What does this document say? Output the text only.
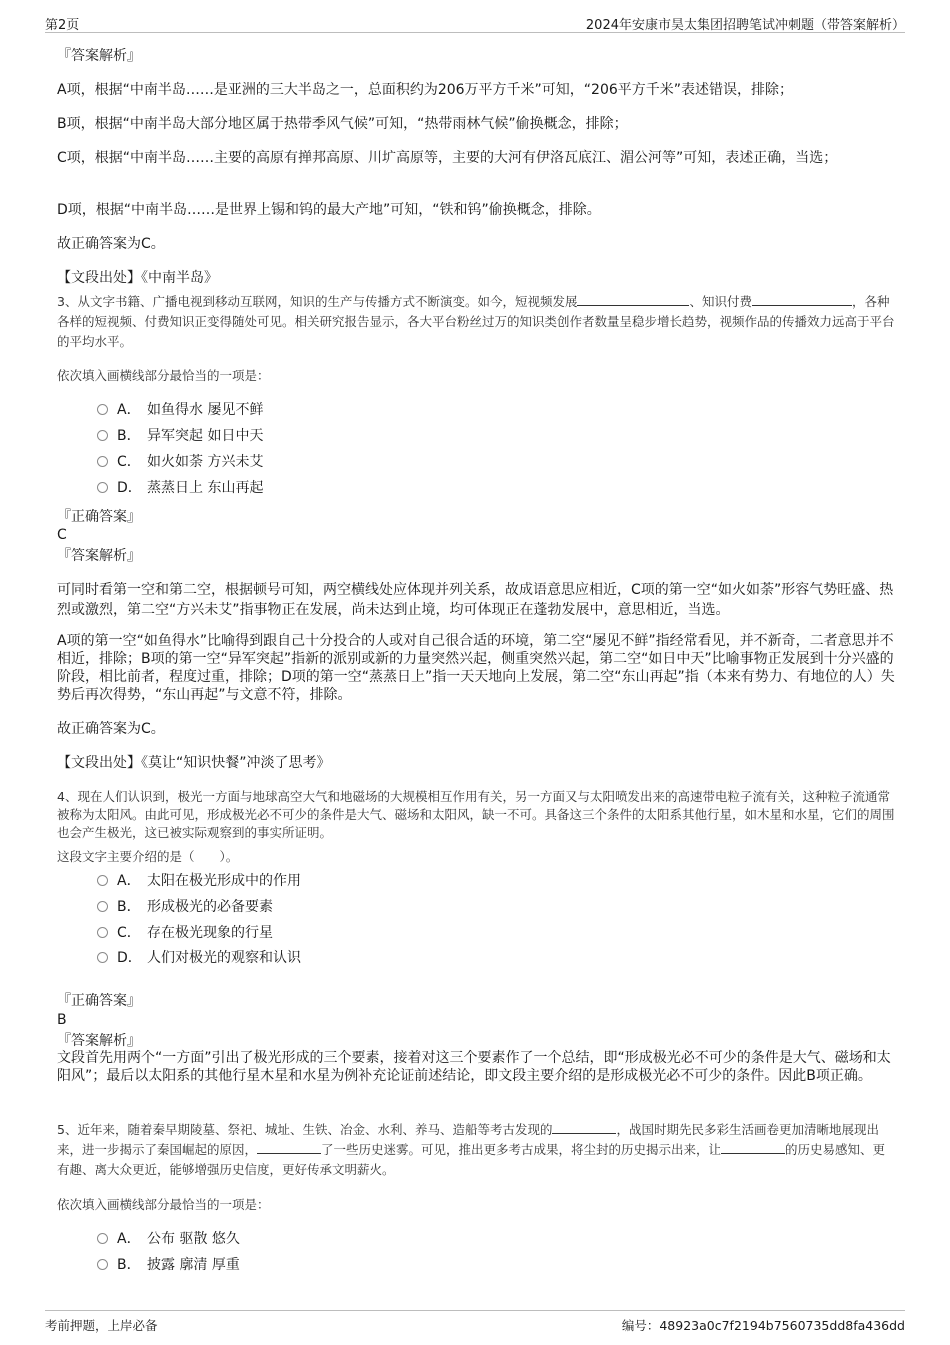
第2页	2024年安康市昊太集团招聘笔试冲刺题（带答案解析）
『答案解析』
A项，根据“中南半岛……是亚洲的三大半岛之一，总面积约为206万平方千米”可知，“206平方千米”表述错误，排除；
B项，根据“中南半岛大部分地区属于热带季风气候”可知，“热带雨林气候”偷换概念，排除；
C项，根据“中南半岛……主要的高原有掸邦高原、川圹高原等，主要的大河有伊洛瓦底江、湄公河等”可知，表述正确，当选；
D项，根据“中南半岛……是世界上锡和钨的最大产地”可知，“铁和钨”偷换概念，排除。
故正确答案为C。
【文段出处】《中南半岛》
3、从文字书籍、广播电视到移动互联网，知识的生产与传播方式不断演变。如今，短视频发展	、知识付费	，各种各样的短视频、付费知识正变得随处可见。相关研究报告显示，各大平台粉丝过万的知识类创作者数量呈稳步增长趋势，视频作品的传播效力远高于平台的平均水平。
依次填入画横线部分最恰当的一项是：
A． 如鱼得水 屡见不鲜
B． 异军突起 如日中天
C． 如火如荼 方兴未艾
D． 蒸蒸日上 东山再起
『正确答案』
C
『答案解析』
可同时看第一空和第二空，根据顿号可知，两空横线处应体现并列关系，故成语意思应相近，C项的第一空“如火如荼”形容气势旺盛、热烈或激烈，第二空“方兴未艾”指事物正在发展，尚未达到止境，均可体现正在蓬勃发展中，意思相近，当选。
A项的第一空“如鱼得水”比喻得到跟自己十分投合的人或对自己很合适的环境，第二空“屡见不鲜”指经常看见，并不新奇，二者意思并不相近，排除；B项的第一空“异军突起”指新的派别或新的力量突然兴起，侧重突然兴起，第二空“如日中天”比喻事物正发展到十分兴盛的阶段，相比前者，程度过重，排除；D项的第一空“蒸蒸日上”指一天天地向上发展，第二空“东山再起”指（本来有势力、有地位的人）失势后再次得势，“东山再起”与文意不符，排除。
故正确答案为C。
【文段出处】《莫让“知识快餐”冲淡了思考》
4、现在人们认识到，极光一方面与地球高空大气和地磁场的大规模相互作用有关，另一方面又与太阳喷发出来的高速带电粒子流有关，这种粒子流通常被称为太阳风。由此可见，形成极光必不可少的条件是大气、磁场和太阳风，缺一不可。具备这三个条件的太阳系其他行星，如木星和水星，它们的周围也会产生极光，这已被实际观察到的事实所证明。
这段文字主要介绍的是（　　）。
A． 太阳在极光形成中的作用
B． 形成极光的必备要素
C． 存在极光现象的行星
D． 人们对极光的观察和认识
『正确答案』
B
『答案解析』
文段首先用两个“一方面”引出了极光形成的三个要素，接着对这三个要素作了一个总结，即“形成极光必不可少的条件是大气、磁场和太阳风”；最后以太阳系的其他行星木星和水星为例补充论证前述结论，即文段主要介绍的是形成极光必不可少的条件。因此B项正确。
5、近年来，随着秦早期陵墓、祭祀、城址、生铁、冶金、水利、养马、造船等考古发现的	，战国时期先民多彩生活画卷更加清晰地展现出来，进一步揭示了秦国崛起的原因，	了一些历史迷雾。可见，推出更多考古成果，将尘封的历史揭示出来，让	的历史易感知、更有趣、离大众更近，能够增强历史信度，更好传承文明薪火。
依次填入画横线部分最恰当的一项是：
A． 公布 驱散 悠久
B． 披露 廓清 厚重
考前押题，上岸必备	编号：48923a0c7f2194b7560735dd8fa436dd
